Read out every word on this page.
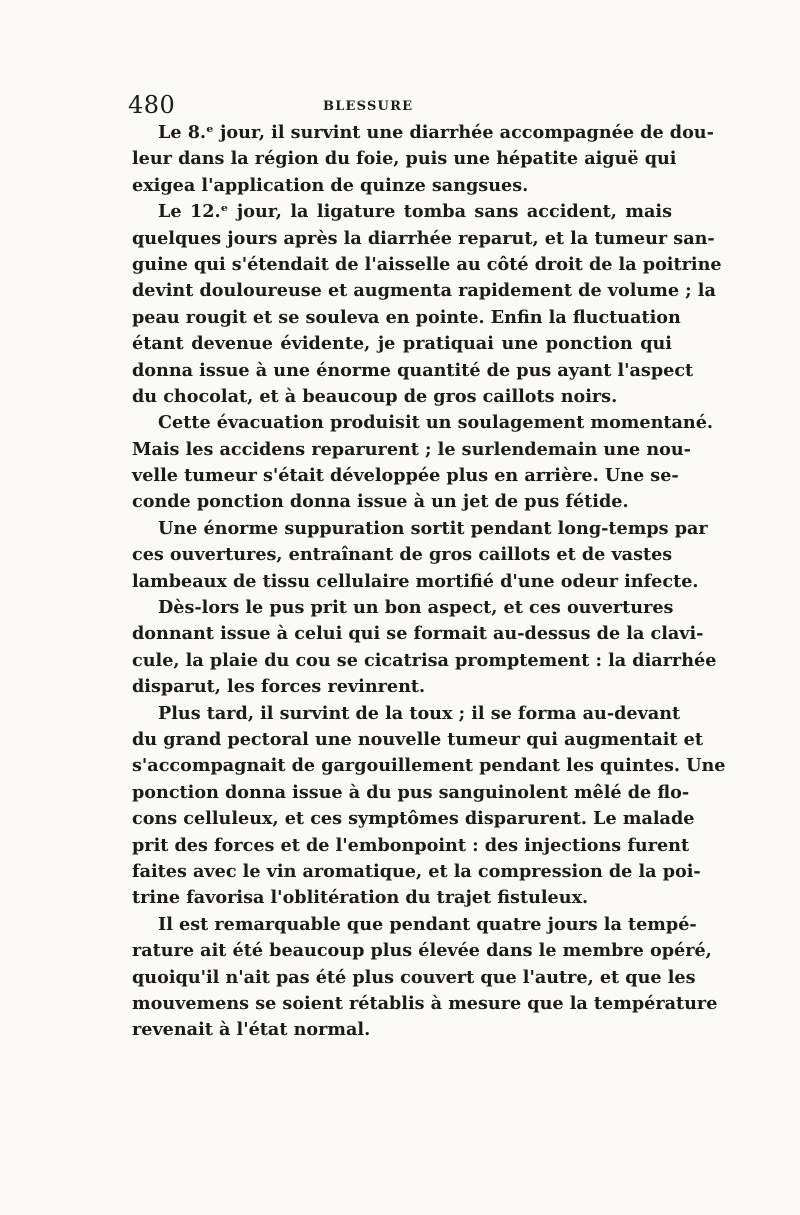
480	BLESSURE
Le 8.ᵉ jour, il survint une diarrhée accompagnée de dou-
leur dans la région du foie, puis une hépatite aiguë qui
exigea l'application de quinze sangsues.
Le 12.ᵉ jour, la ligature tomba sans accident, mais
quelques jours après la diarrhée reparut, et la tumeur san-
guine qui s'étendait de l'aisselle au côté droit de la poitrine
devint douloureuse et augmenta rapidement de volume ; la
peau rougit et se souleva en pointe. Enfin la fluctuation
étant devenue évidente, je pratiquai une ponction qui
donna issue à une énorme quantité de pus ayant l'aspect
du chocolat, et à beaucoup de gros caillots noirs.
Cette évacuation produisit un soulagement momentané.
Mais les accidens reparurent ; le surlendemain une nou-
velle tumeur s'était développée plus en arrière. Une se-
conde ponction donna issue à un jet de pus fétide.
Une énorme suppuration sortit pendant long-temps par
ces ouvertures, entraînant de gros caillots et de vastes
lambeaux de tissu cellulaire mortifié d'une odeur infecte.
Dès-lors le pus prit un bon aspect, et ces ouvertures
donnant issue à celui qui se formait au-dessus de la clavi-
cule, la plaie du cou se cicatrisa promptement : la diarrhée
disparut, les forces revinrent.
Plus tard, il survint de la toux ; il se forma au-devant
du grand pectoral une nouvelle tumeur qui augmentait et
s'accompagnait de gargouillement pendant les quintes. Une
ponction donna issue à du pus sanguinolent mêlé de flo-
cons celluleux, et ces symptômes disparurent. Le malade
prit des forces et de l'embonpoint : des injections furent
faites avec le vin aromatique, et la compression de la poi-
trine favorisa l'oblitération du trajet fistuleux.
Il est remarquable que pendant quatre jours la tempé-
rature ait été beaucoup plus élevée dans le membre opéré,
quoiqu'il n'ait pas été plus couvert que l'autre, et que les
mouvemens se soient rétablis à mesure que la température
revenait à l'état normal.
